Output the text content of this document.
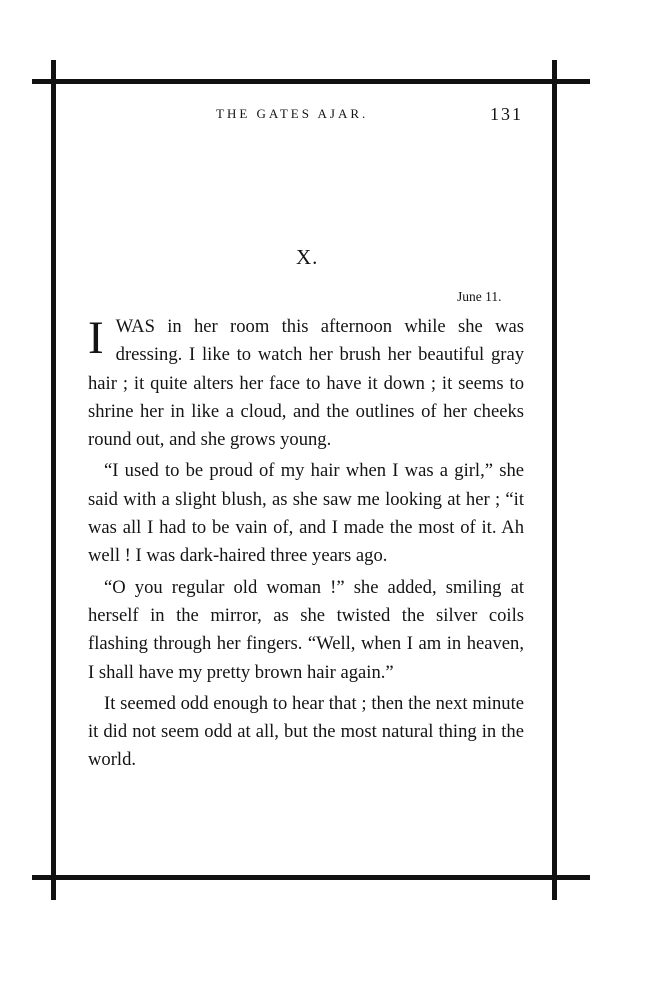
THE GATES AJAR.	131
X.
June 11.

IWAS in her room this afternoon while she was dressing. I like to watch her brush her beautiful gray hair ; it quite alters her face to have it down ; it seems to shrine her in like a cloud, and the outlines of her cheeks round out, and she grows young.

“I used to be proud of my hair when I was a girl,” she said with a slight blush, as she saw me looking at her ; “it was all I had to be vain of, and I made the most of it. Ah well ! I was dark-haired three years ago.

“O you regular old woman !” she added, smiling at herself in the mirror, as she twisted the silver coils flashing through her fingers. “Well, when I am in heaven, I shall have my pretty brown hair again.”

It seemed odd enough to hear that ; then the next minute it did not seem odd at all, but the most natural thing in the world.
